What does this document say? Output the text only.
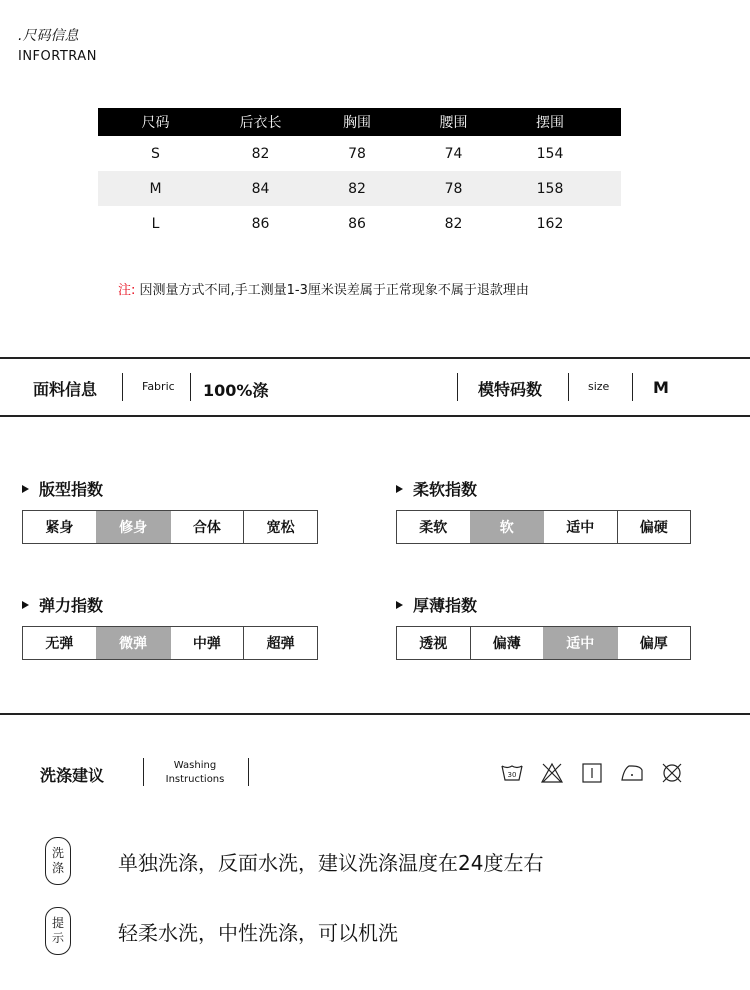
.尺码信息
INFORTRAN
尺码	后衣长	胸围	腰围	摆围
S	82	78	74	154
M	84	82	78	158
L	86	86	82	162
注: 因测量方式不同,手工测量1-3厘米误差属于正常现象不属于退款理由
面料信息	Fabric 100%涤	模特码数	size	M
版型指数
紧身	修身	合体	宽松
柔软指数
柔软	软	适中	偏硬
弹力指数
无弹	微弹	中弹	超弹
厚薄指数
透视	偏薄	适中	偏厚
洗涤建议
Washing
Instructions	30
洗
涤	单独洗涤，反面水洗，建议洗涤温度在24度左右
提
示	轻柔水洗，中性洗涤，可以机洗
